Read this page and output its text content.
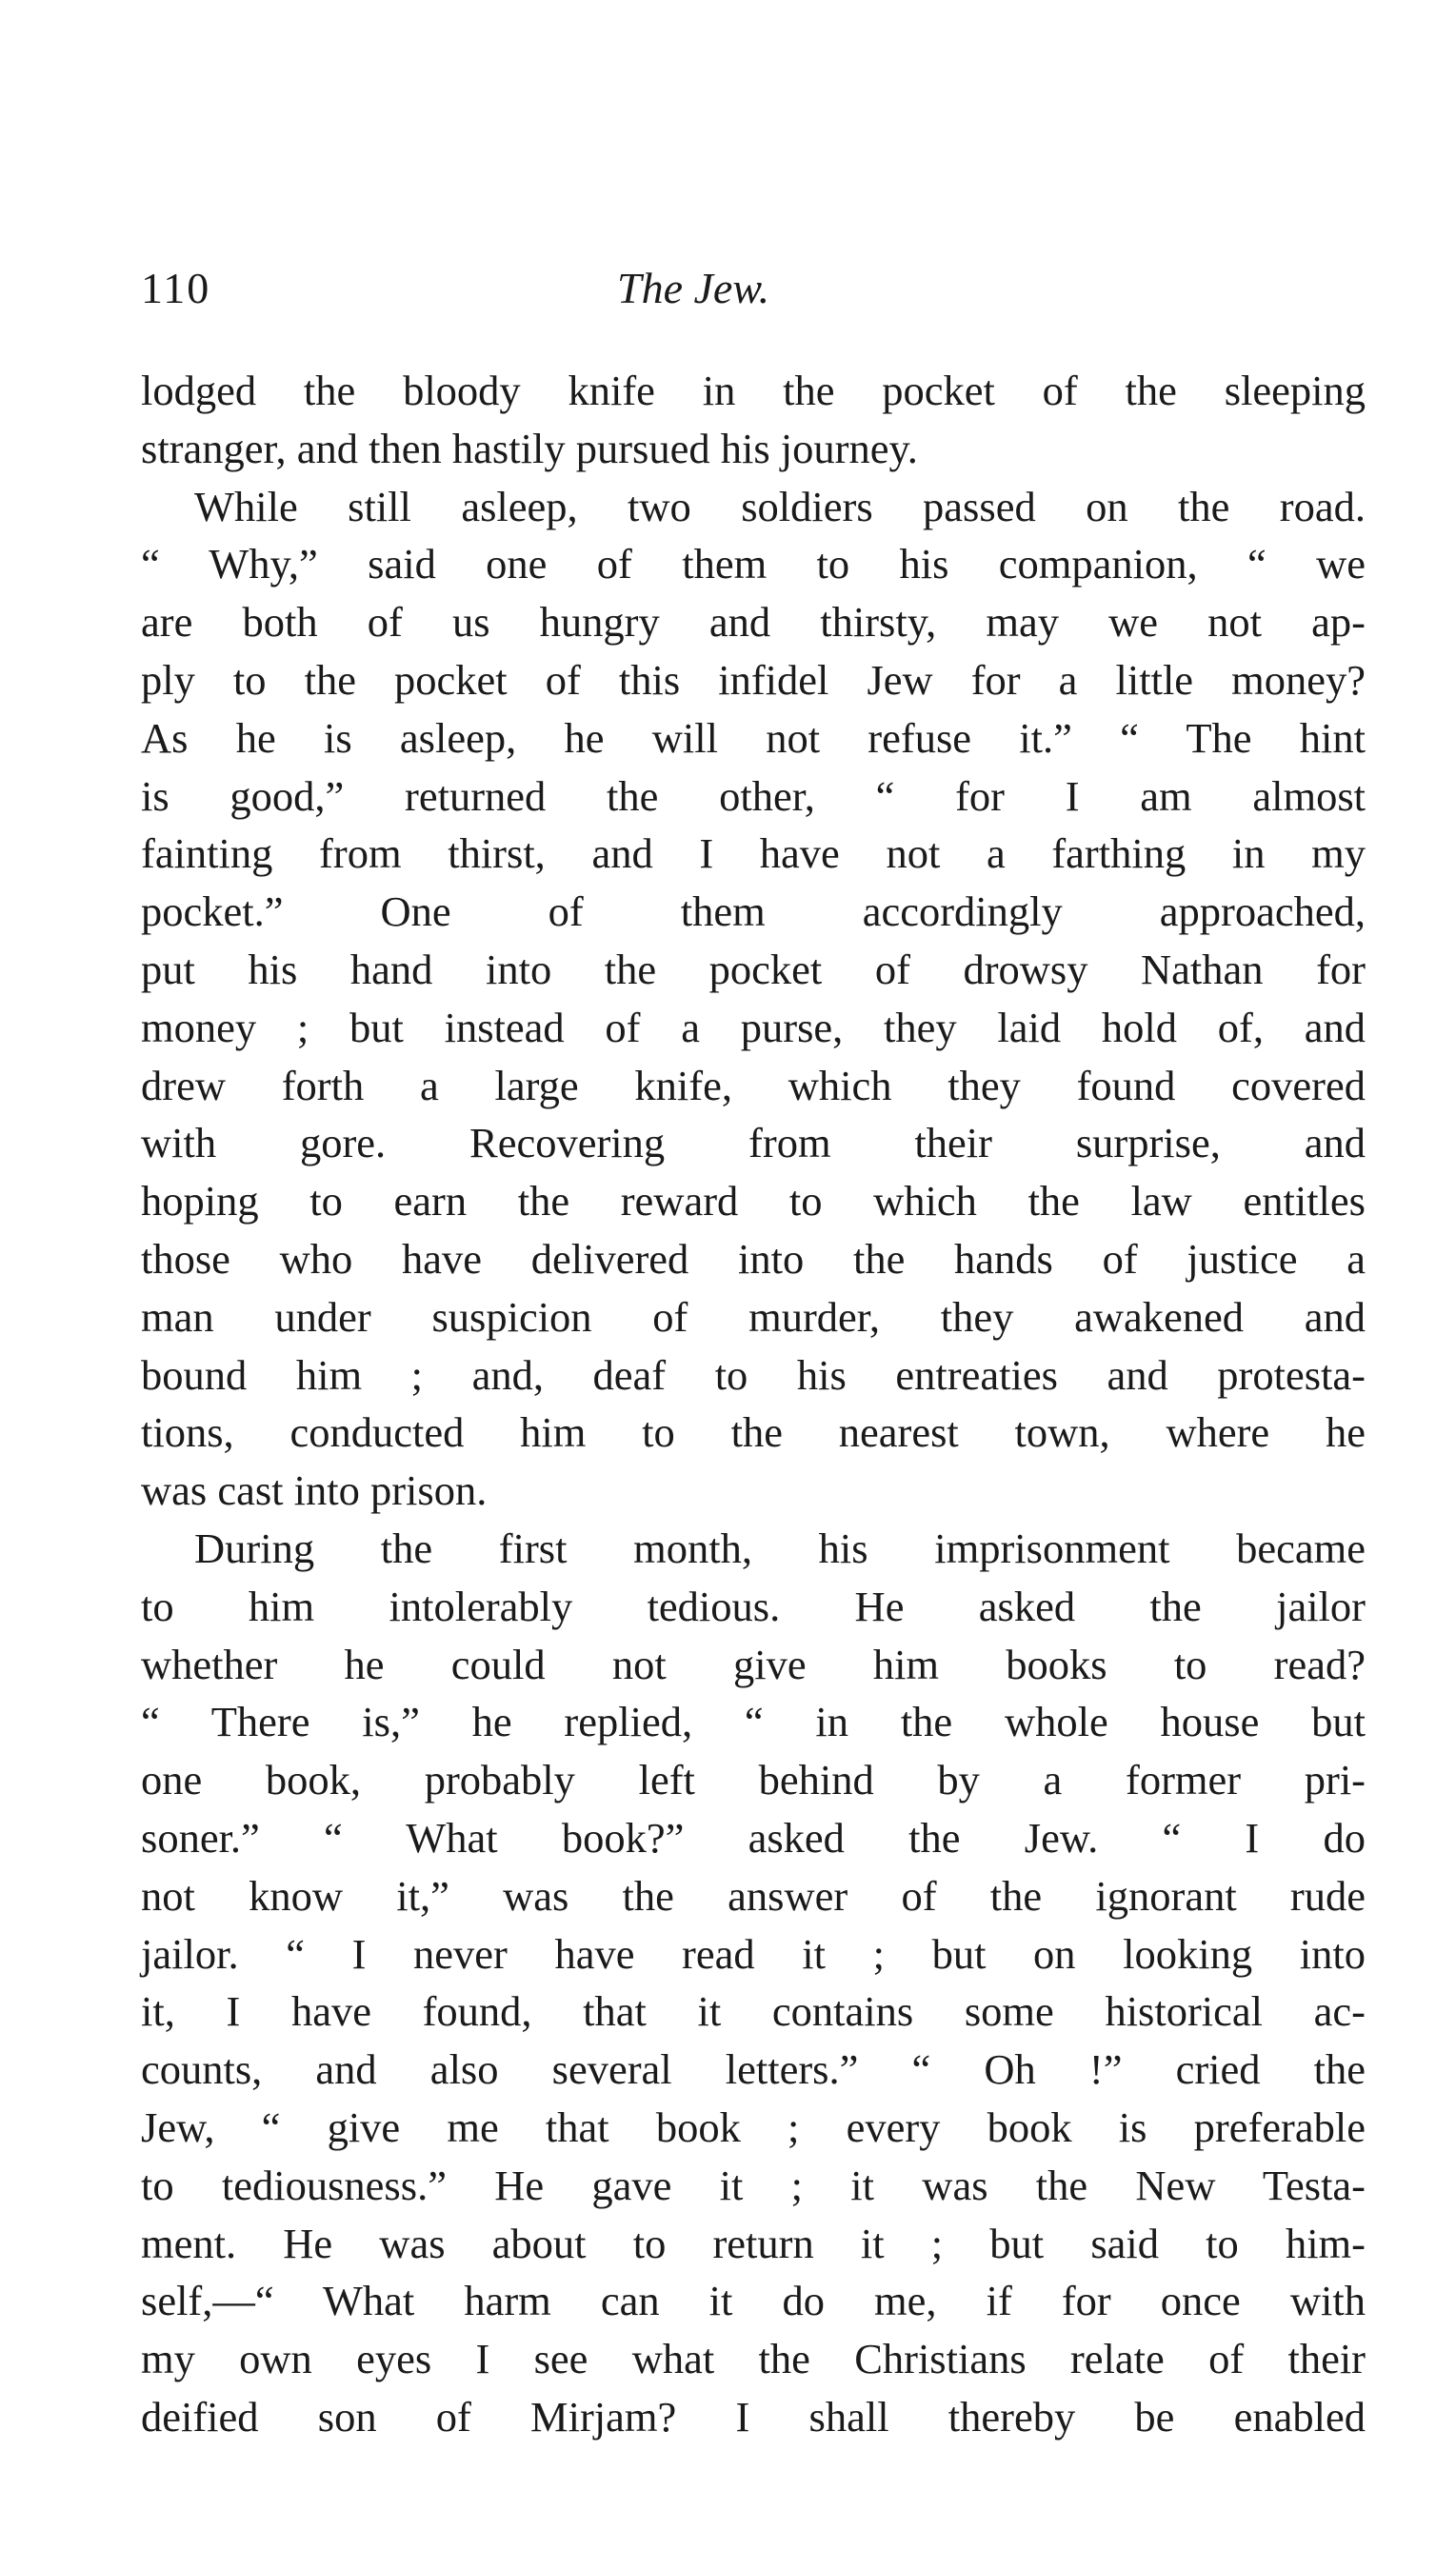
110	The Jew.
lodged the bloody knife in the pocket of the sleeping
stranger, and then hastily pursued his journey.
While still asleep, two soldiers passed on the road.
“ Why,” said one of them to his companion, “ we
are both of us hungry and thirsty, may we not ap-
ply to the pocket of this infidel Jew for a little money?
As he is asleep, he will not refuse it.” “ The hint
is good,” returned the other, “ for I am almost
fainting from thirst, and I have not a farthing in my
pocket.” One of them accordingly approached,
put his hand into the pocket of drowsy Nathan for
money ; but instead of a purse, they laid hold of, and
drew forth a large knife, which they found covered
with gore. Recovering from their surprise, and
hoping to earn the reward to which the law entitles
those who have delivered into the hands of justice a
man under suspicion of murder, they awakened and
bound him ; and, deaf to his entreaties and protesta-
tions, conducted him to the nearest town, where he
was cast into prison.
During the first month, his imprisonment became
to him intolerably tedious. He asked the jailor
whether he could not give him books to read?
“ There is,” he replied, “ in the whole house but
one book, probably left behind by a former pri-
soner.” “ What book?” asked the Jew. “ I do
not know it,” was the answer of the ignorant rude
jailor. “ I never have read it ; but on looking into
it, I have found, that it contains some historical ac-
counts, and also several letters.” “ Oh !” cried the
Jew, “ give me that book ; every book is preferable
to tediousness.” He gave it ; it was the New Testa-
ment. He was about to return it ; but said to him-
self,—“ What harm can it do me, if for once with
my own eyes I see what the Christians relate of their
deified son of Mirjam? I shall thereby be enabled
